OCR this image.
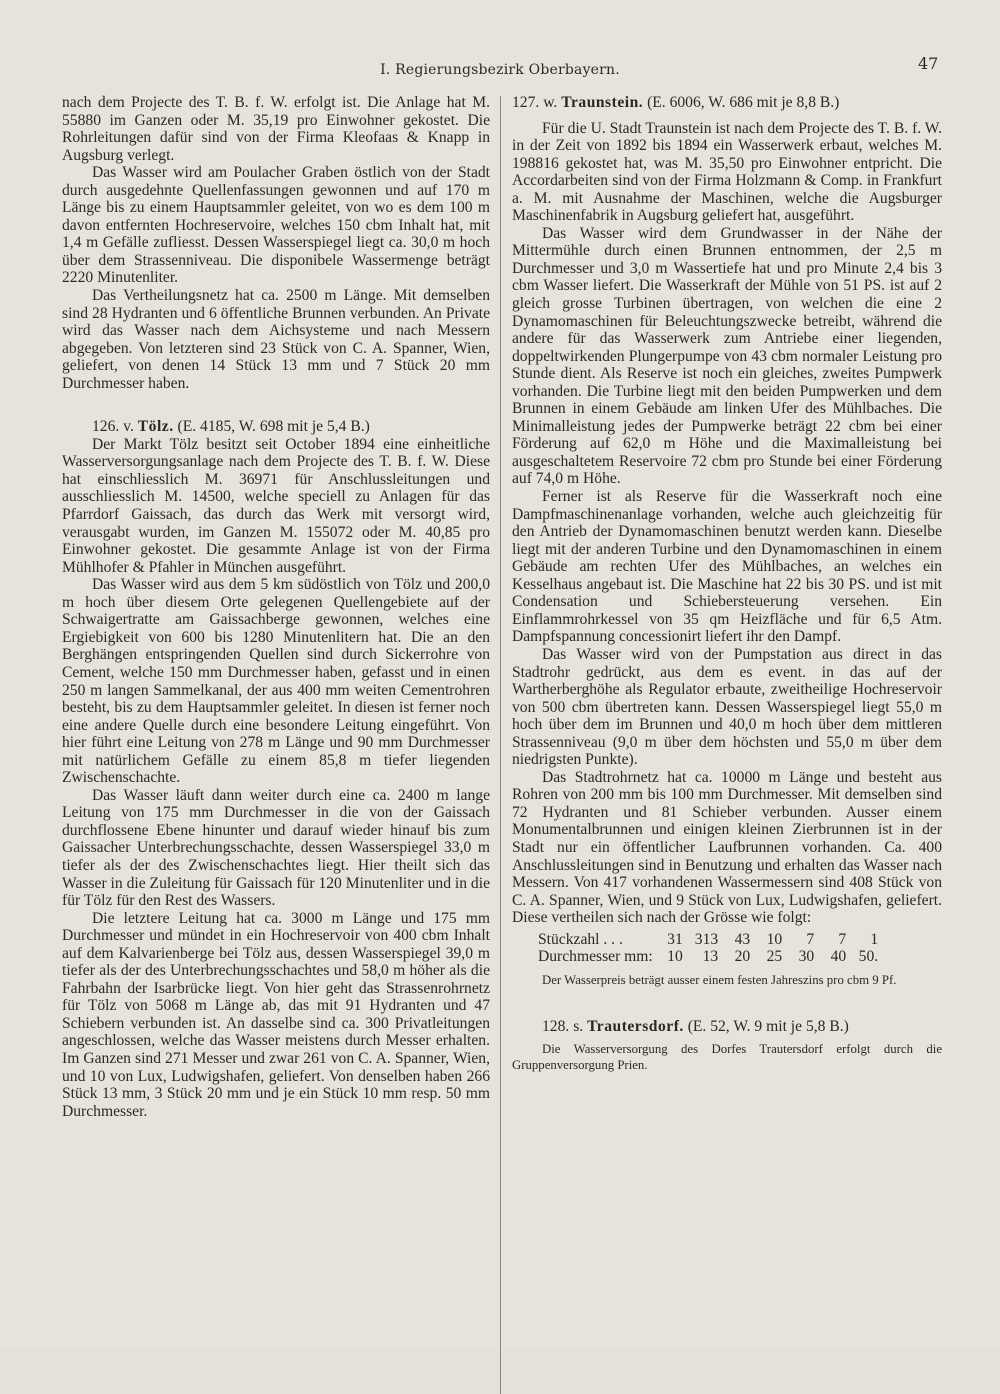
I. Regierungsbezirk Oberbayern.	47

nach dem Projecte des T. B. f. W. erfolgt ist. Die Anlage hat M. 55880 im Ganzen oder M. 35,19 pro Einwohner gekostet. Die Rohrleitungen dafür sind von der Firma Kleofaas & Knapp in Augsburg verlegt.

Das Wasser wird am Poulacher Graben östlich von der Stadt durch ausgedehnte Quellenfassungen gewonnen und auf 170 m Länge bis zu einem Hauptsammler geleitet, von wo es dem 100 m davon entfernten Hochreservoire, welches 150 cbm Inhalt hat, mit 1,4 m Gefälle zufliesst. Dessen Wasserspiegel liegt ca. 30,0 m hoch über dem Strassenniveau. Die disponibele Wassermenge beträgt 2220 Minutenliter.

Das Vertheilungsnetz hat ca. 2500 m Länge. Mit demselben sind 28 Hydranten und 6 öffentliche Brunnen verbunden. An Private wird das Wasser nach dem Aichsysteme und nach Messern abgegeben. Von letzteren sind 23 Stück von C. A. Spanner, Wien, geliefert, von denen 14 Stück 13 mm und 7 Stück 20 mm Durchmesser haben.

126. v. Tölz. (E. 4185, W. 698 mit je 5,4 B.)

Der Markt Tölz besitzt seit October 1894 eine einheitliche Wasserversorgungsanlage nach dem Projecte des T. B. f. W. Diese hat einschliesslich M. 36971 für Anschlussleitungen und ausschliesslich M. 14500, welche speciell zu Anlagen für das Pfarrdorf Gaissach, das durch das Werk mit versorgt wird, verausgabt wurden, im Ganzen M. 155072 oder M. 40,85 pro Einwohner gekostet. Die gesammte Anlage ist von der Firma Mühlhofer & Pfahler in München ausgeführt.

Das Wasser wird aus dem 5 km südöstlich von Tölz und 200,0 m hoch über diesem Orte gelegenen Quellengebiete auf der Schwaigertratte am Gaissachberge gewonnen, welches eine Ergiebigkeit von 600 bis 1280 Minutenlitern hat. Die an den Berghängen entspringenden Quellen sind durch Sickerrohre von Cement, welche 150 mm Durchmesser haben, gefasst und in einen 250 m langen Sammelkanal, der aus 400 mm weiten Cementrohren besteht, bis zu dem Hauptsammler geleitet. In diesen ist ferner noch eine andere Quelle durch eine besondere Leitung eingeführt. Von hier führt eine Leitung von 278 m Länge und 90 mm Durchmesser mit natürlichem Gefälle zu einem 85,8 m tiefer liegenden Zwischenschachte.

Das Wasser läuft dann weiter durch eine ca. 2400 m lange Leitung von 175 mm Durchmesser in die von der Gaissach durchflossene Ebene hinunter und darauf wieder hinauf bis zum Gaissacher Unterbrechungsschachte, dessen Wasserspiegel 33,0 m tiefer als der des Zwischenschachtes liegt. Hier theilt sich das Wasser in die Zuleitung für Gaissach für 120 Minutenliter und in die für Tölz für den Rest des Wassers.

Die letztere Leitung hat ca. 3000 m Länge und 175 mm Durchmesser und mündet in ein Hochreservoir von 400 cbm Inhalt auf dem Kalvarienberge bei Tölz aus, dessen Wasserspiegel 39,0 m tiefer als der des Unterbrechungsschachtes und 58,0 m höher als die Fahrbahn der Isarbrücke liegt. Von hier geht das Strassenrohrnetz für Tölz von 5068 m Länge ab, das mit 91 Hydranten und 47 Schiebern verbunden ist. An dasselbe sind ca. 300 Privatleitungen angeschlossen, welche das Wasser meistens durch Messer erhalten. Im Ganzen sind 271 Messer und zwar 261 von C. A. Spanner, Wien, und 10 von Lux, Ludwigshafen, geliefert. Von denselben haben 266 Stück 13 mm, 3 Stück 20 mm und je ein Stück 10 mm resp. 50 mm Durchmesser.

127. w. Traunstein. (E. 6006, W. 686 mit je 8,8 B.)

Für die U. Stadt Traunstein ist nach dem Projecte des T. B. f. W. in der Zeit von 1892 bis 1894 ein Wasserwerk erbaut, welches M. 198816 gekostet hat, was M. 35,50 pro Einwohner entpricht. Die Accordarbeiten sind von der Firma Holzmann & Comp. in Frankfurt a. M. mit Ausnahme der Maschinen, welche die Augsburger Maschinenfabrik in Augsburg geliefert hat, ausgeführt.

Das Wasser wird dem Grundwasser in der Nähe der Mittermühle durch einen Brunnen entnommen, der 2,5 m Durchmesser und 3,0 m Wassertiefe hat und pro Minute 2,4 bis 3 cbm Wasser liefert. Die Wasserkraft der Mühle von 51 PS. ist auf 2 gleich grosse Turbinen übertragen, von welchen die eine 2 Dynamomaschinen für Beleuchtungszwecke betreibt, während die andere für das Wasserwerk zum Antriebe einer liegenden, doppeltwirkenden Plungerpumpe von 43 cbm normaler Leistung pro Stunde dient. Als Reserve ist noch ein gleiches, zweites Pumpwerk vorhanden. Die Turbine liegt mit den beiden Pumpwerken und dem Brunnen in einem Gebäude am linken Ufer des Mühlbaches. Die Minimalleistung jedes der Pumpwerke beträgt 22 cbm bei einer Förderung auf 62,0 m Höhe und die Maximalleistung bei ausgeschaltetem Reservoire 72 cbm pro Stunde bei einer Förderung auf 74,0 m Höhe.

Ferner ist als Reserve für die Wasserkraft noch eine Dampfmaschinenanlage vorhanden, welche auch gleichzeitig für den Antrieb der Dynamomaschinen benutzt werden kann. Dieselbe liegt mit der anderen Turbine und den Dynamomaschinen in einem Gebäude am rechten Ufer des Mühlbaches, an welches ein Kesselhaus angebaut ist. Die Maschine hat 22 bis 30 PS. und ist mit Condensation und Schiebersteuerung versehen. Ein Einflammrohrkessel von 35 qm Heizfläche und für 6,5 Atm. Dampfspannung concessionirt liefert ihr den Dampf.

Das Wasser wird von der Pumpstation aus direct in das Stadtrohr gedrückt, aus dem es event. in das auf der Wartherberghöhe als Regulator erbaute, zweitheilige Hochreservoir von 500 cbm übertreten kann. Dessen Wasserspiegel liegt 55,0 m hoch über dem im Brunnen und 40,0 m hoch über dem mittleren Strassenniveau (9,0 m über dem höchsten und 55,0 m über dem niedrigsten Punkte).

Das Stadtrohrnetz hat ca. 10000 m Länge und besteht aus Rohren von 200 mm bis 100 mm Durchmesser. Mit demselben sind 72 Hydranten und 81 Schieber verbunden. Ausser einem Monumentalbrunnen und einigen kleinen Zierbrunnen ist in der Stadt nur ein öffentlicher Laufbrunnen vorhanden. Ca. 400 Anschlussleitungen sind in Benutzung und erhalten das Wasser nach Messern. Von 417 vorhandenen Wassermessern sind 408 Stück von C. A. Spanner, Wien, und 9 Stück von Lux, Ludwigshafen, geliefert. Diese vertheilen sich nach der Grösse wie folgt:

Stückzahl . . .	31	313	43	10	7	7	1
Durchmesser mm:	10	13	20	25	30	40	50.

Der Wasserpreis beträgt ausser einem festen Jahreszins pro cbm 9 Pf.

128. s. Trautersdorf. (E. 52, W. 9 mit je 5,8 B.)

Die Wasserversorgung des Dorfes Trautersdorf erfolgt durch die Gruppenversorgung Prien.
